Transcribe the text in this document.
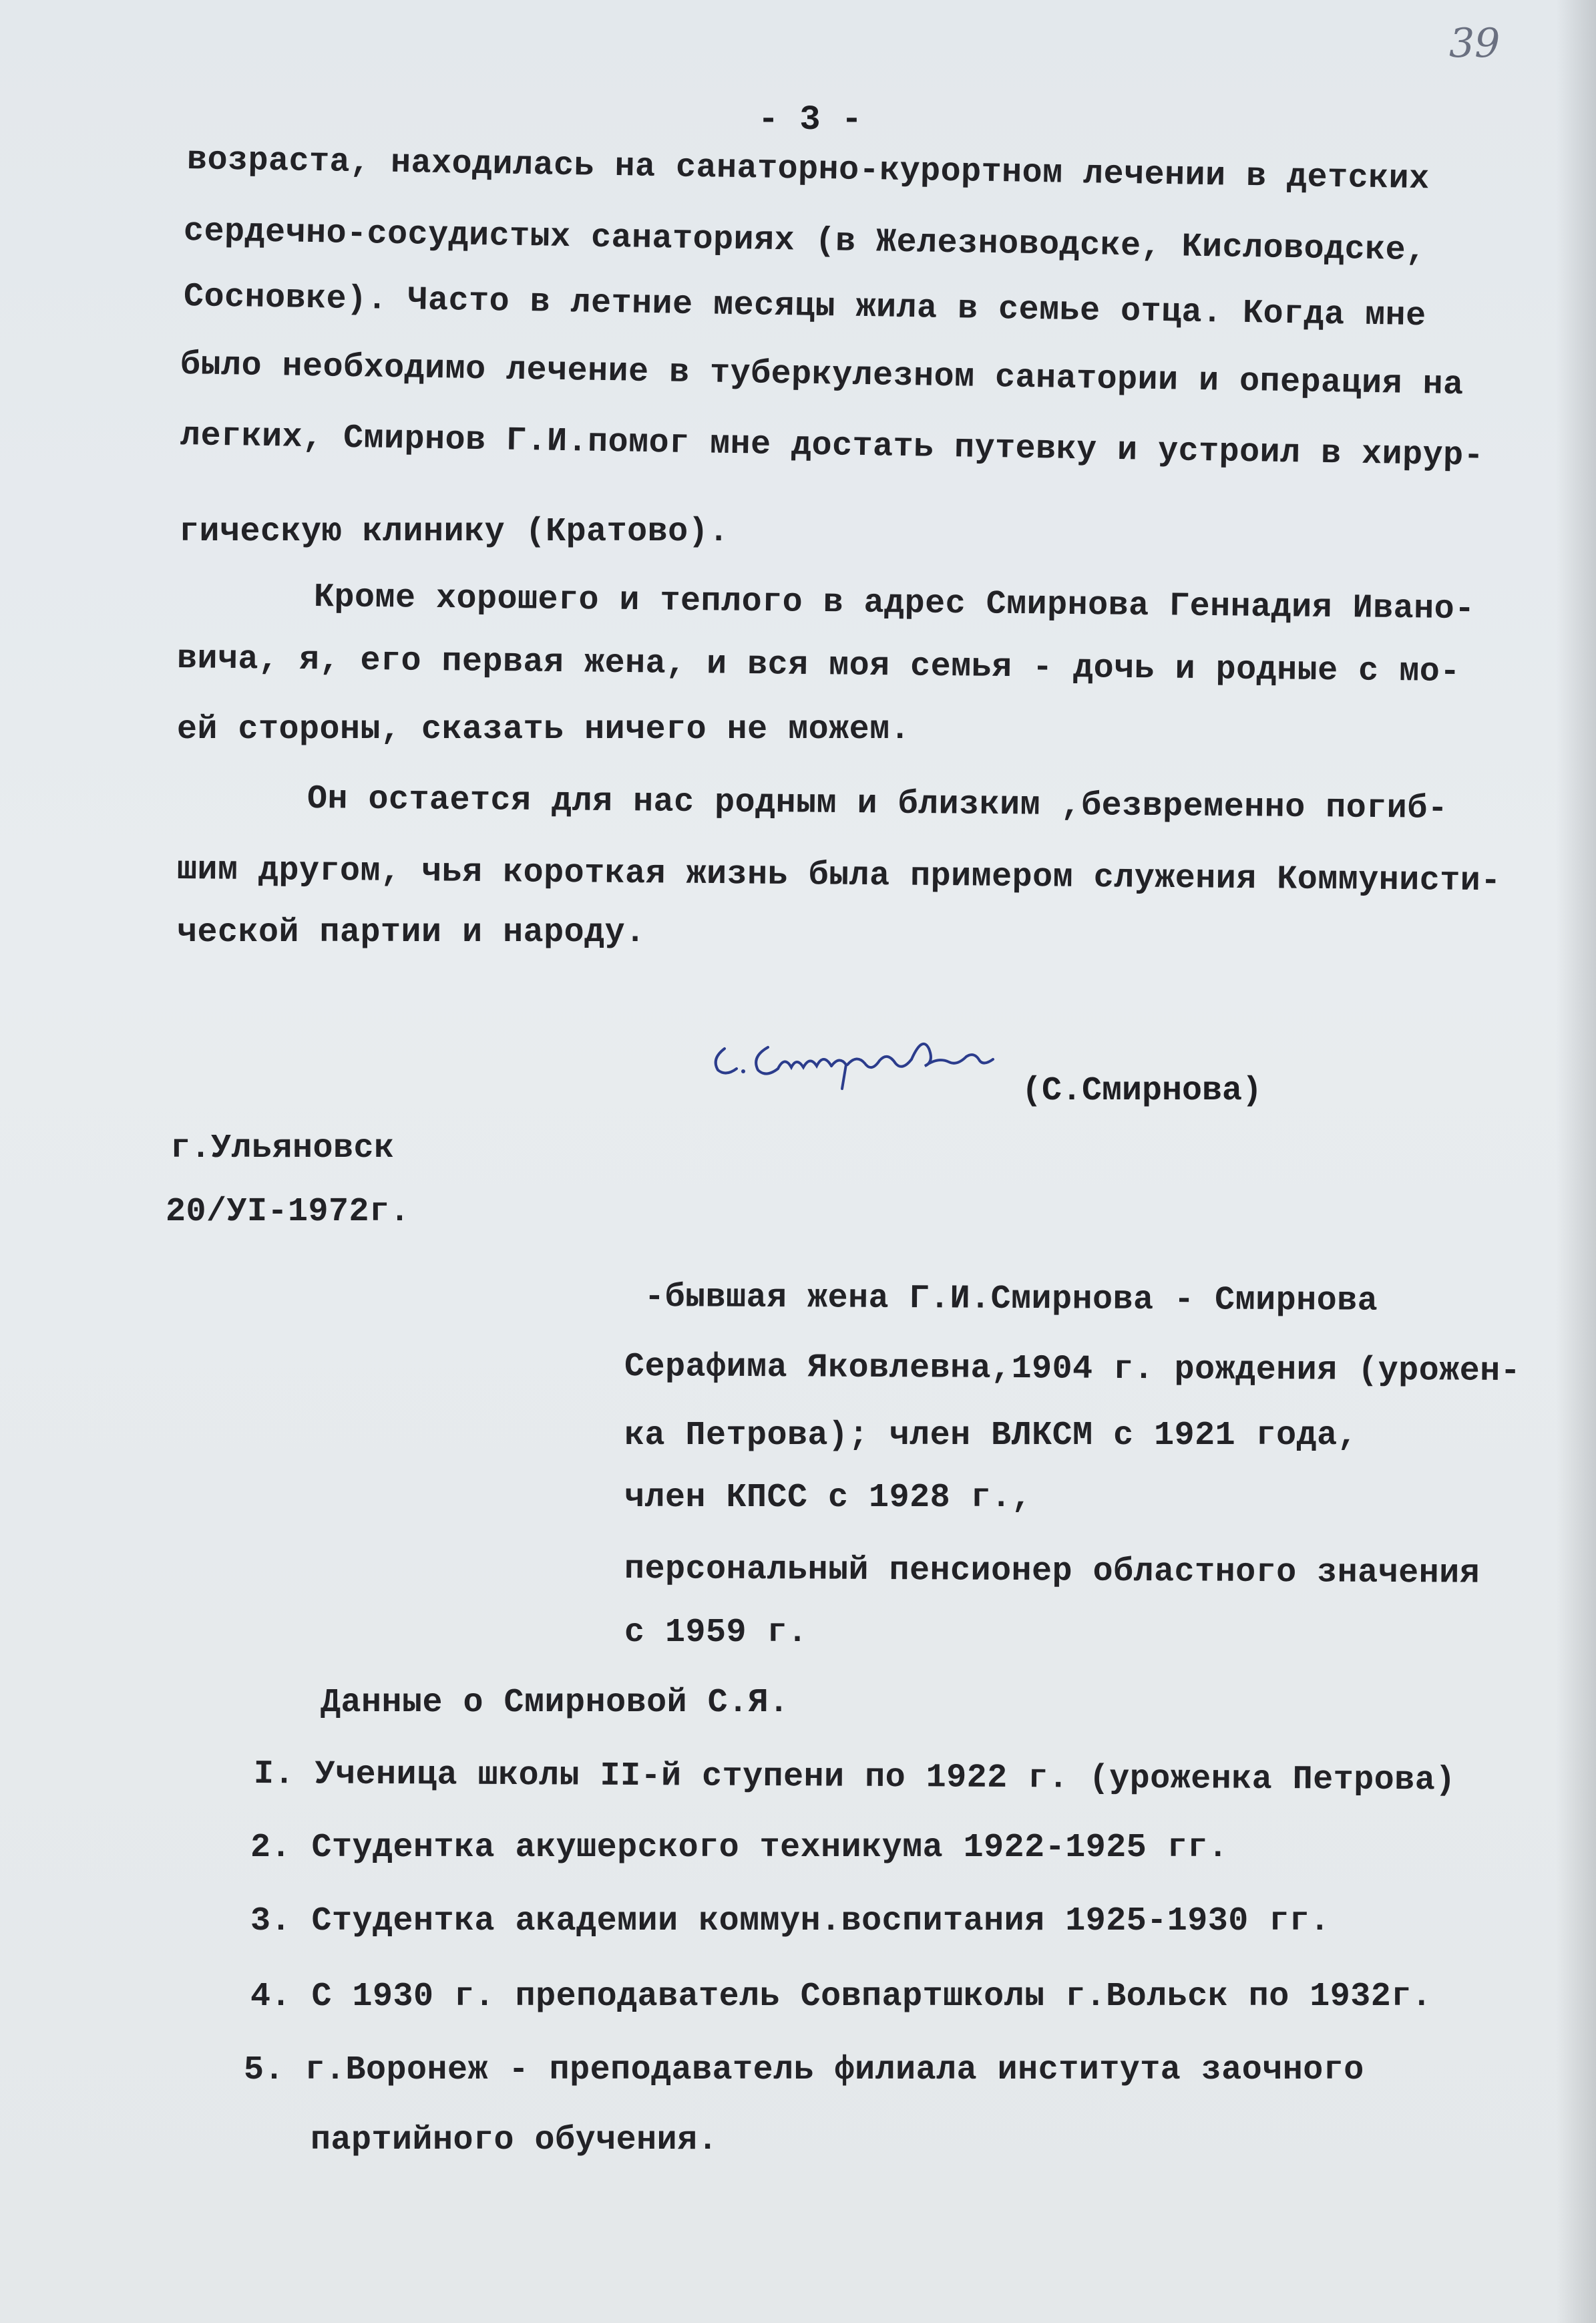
39
- 3 -
возраста, находилась на санаторно-курортном лечении в детских
сердечно-сосудистых санаториях (в Железноводске, Кисловодске,
Сосновке). Часто в летние месяцы жила в семье отца. Когда мне
было необходимо лечение в туберкулезном санатории и операция на
легких, Смирнов Г.И.помог мне достать путевку и устроил в хирур-
гическую клинику (Кратово).
Кроме хорошего и теплого в адрес Смирнова Геннадия Ивано-
вича, я, его первая жена, и вся моя семья - дочь и родные с мо-
ей стороны, сказать ничего не можем.
Он остается для нас родным и близким ,безвременно погиб-
шим другом, чья короткая жизнь была примером служения Коммунисти-
ческой партии и народу.
(С.Смирнова)
г.Ульяновск
20/УI-1972г.
-бывшая жена Г.И.Смирнова - Смирнова
Серафима Яковлевна,1904 г. рождения (урожен-
ка Петрова); член ВЛКСМ с 1921 года,
член КПСС с 1928 г.,
персональный пенсионер областного значения
с 1959 г.
Данные о Смирновой С.Я.
I. Ученица школы II-й ступени по 1922 г. (уроженка Петрова)
2. Студентка акушерского техникума 1922-1925 гг.
3. Студентка академии коммун.воспитания 1925-1930 гг.
4. С 1930 г. преподаватель Совпартшколы г.Вольск по 1932г.
5. г.Воронеж - преподаватель филиала института заочного
партийного обучения.
